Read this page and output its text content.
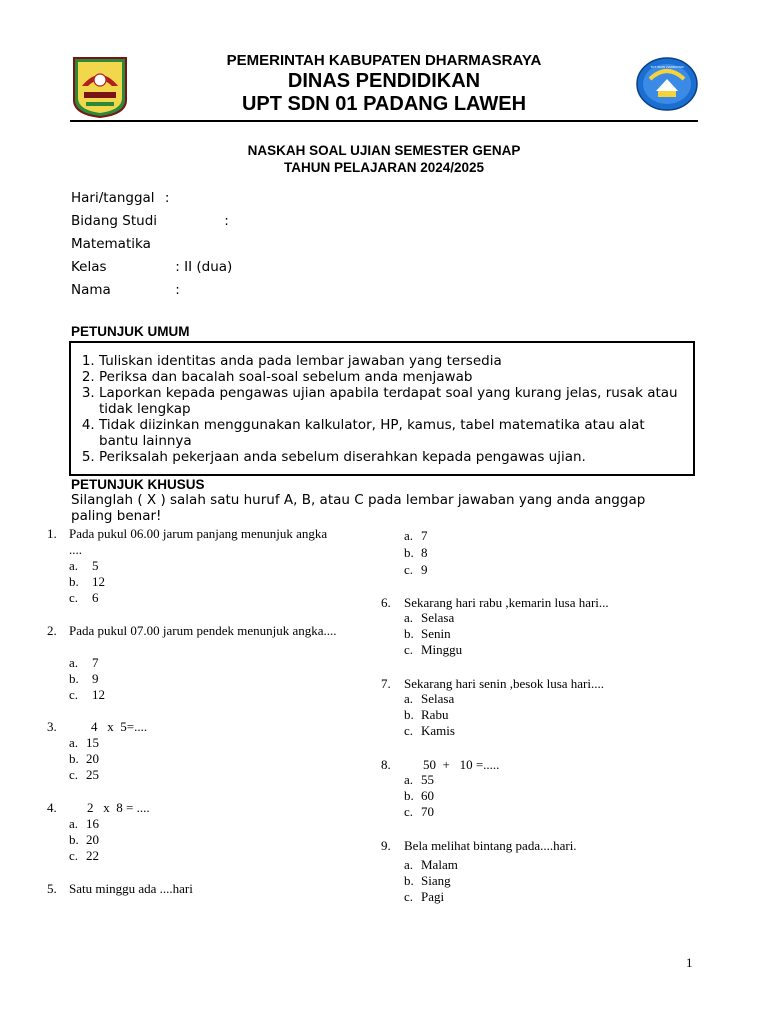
TUT WURI HANDAYANI
PEMERINTAH KABUPATEN DHARMASRAYA
DINAS PENDIDIKAN
UPT SDN 01 PADANG LAWEH
NASKAH SOAL UJIAN SEMESTER GENAP
TAHUN PELAJARAN 2024/2025
Hari/tanggal :
Bidang Studi	:
Matematika
Kelas	: II (dua)
Nama	:
PETUNJUK UMUM
1. Tuliskan identitas anda pada lembar jawaban yang tersedia
2. Periksa dan bacalah soal-soal sebelum anda menjawab
3. Laporkan kepada pengawas ujian apabila terdapat soal yang kurang jelas, rusak atau tidak lengkap
4. Tidak diizinkan menggunakan kalkulator, HP, kamus, tabel matematika atau alat bantu lainnya
5. Periksalah pekerjaan anda sebelum diserahkan kepada pengawas ujian.
PETUNJUK KHUSUS
Silanglah ( X ) salah satu huruf A, B, atau C pada lembar jawaban yang anda anggap paling benar!
1. Pada pukul 06.00 jarum panjang menunjuk angka ....
a. 5
b. 12
c. 6
2. Pada pukul 07.00 jarum pendek menunjuk angka....
a. 7
b. 9
c. 12
3.	4   x  5=....
a. 15
b. 20
c. 25
4. 2   x  8 = ....
a. 16
b. 20
c. 22
5. Satu minggu ada ....hari
a. 7
b. 8
c. 9
6. Sekarang hari rabu ,kemarin lusa hari...
a. Selasa
b. Senin
c. Minggu
7. Sekarang hari senin ,besok lusa hari....
a. Selasa
b. Rabu
c. Kamis
8. 50  +   10 =.....
a. 55
b. 60
c. 70
9. Bela melihat bintang pada....hari.
a. Malam
b. Siang
c. Pagi
1
